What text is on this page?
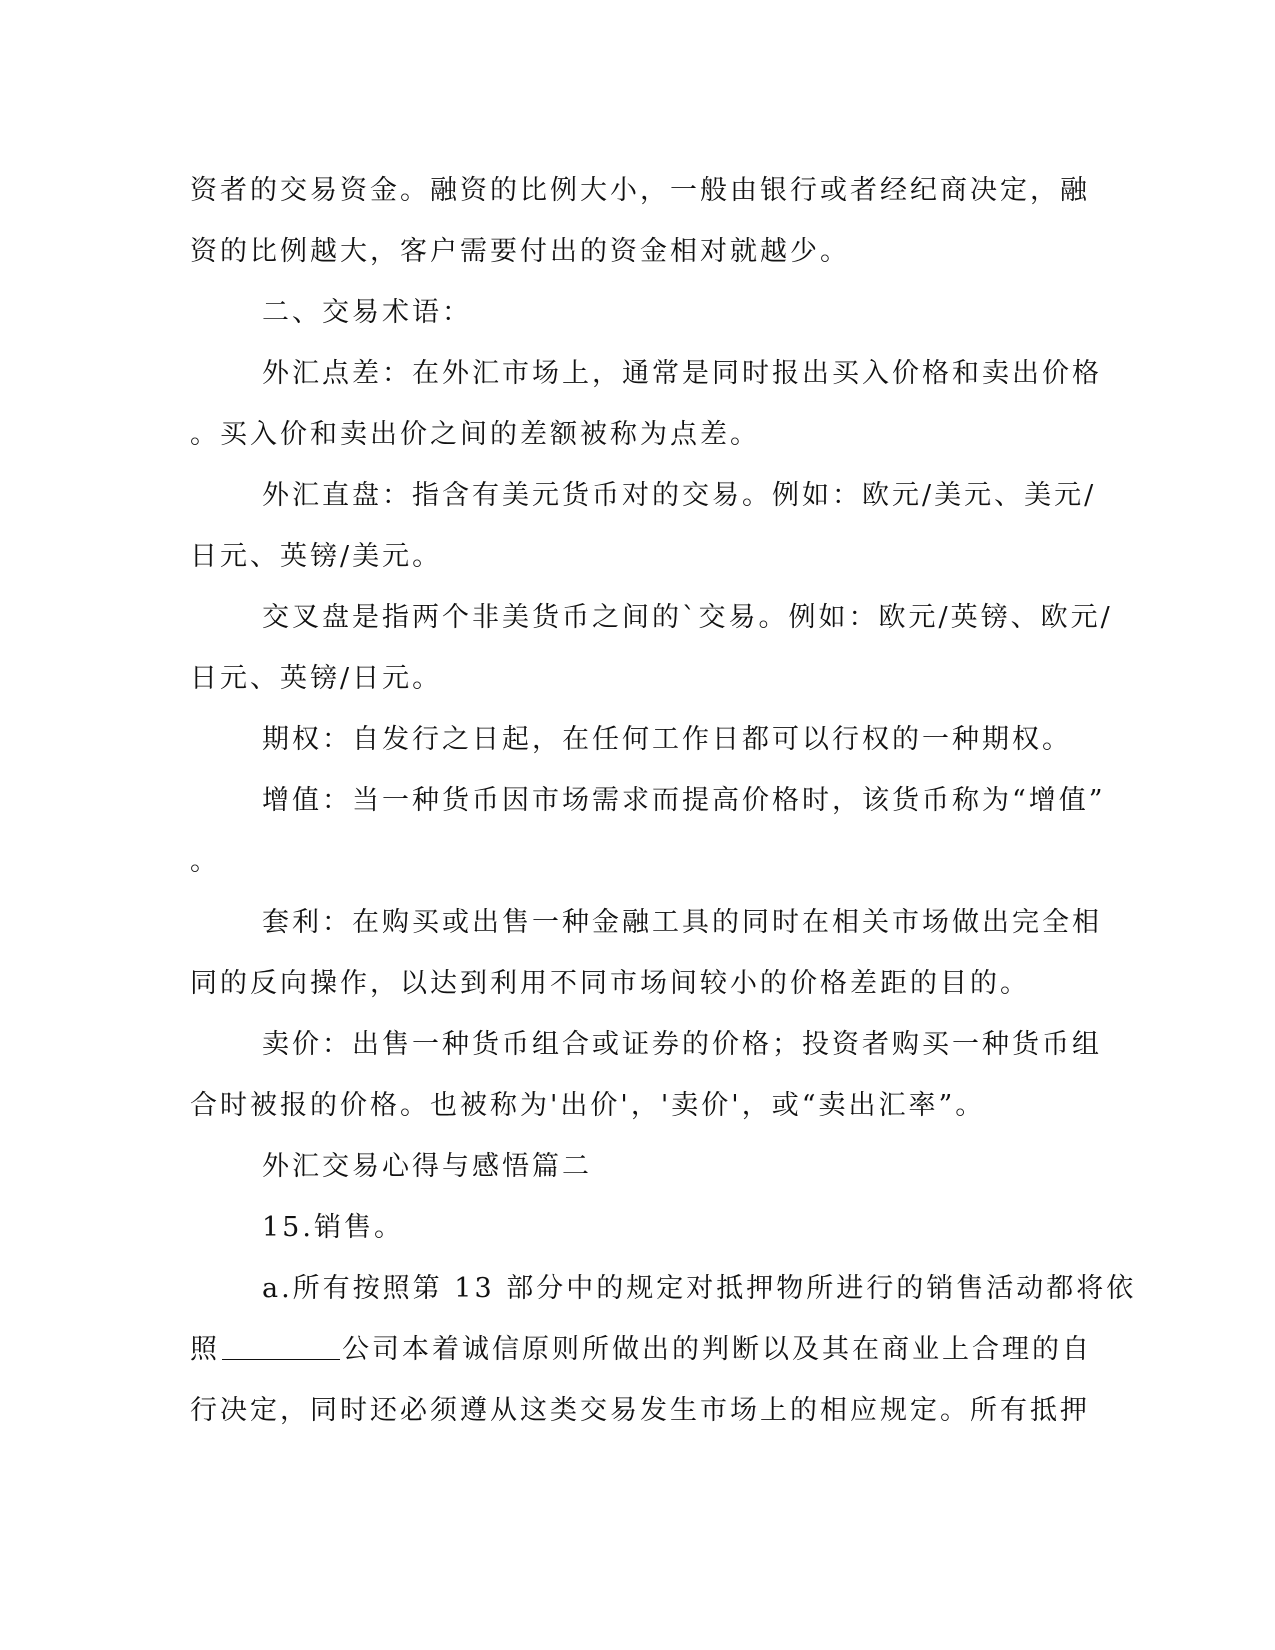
资者的交易资金。融资的比例大小，一般由银行或者经纪商决定，融
资的比例越大，客户需要付出的资金相对就越少。
二、交易术语：
外汇点差：在外汇市场上，通常是同时报出买入价格和卖出价格
。买入价和卖出价之间的差额被称为点差。
外汇直盘：指含有美元货币对的交易。例如：欧元/美元、美元/
日元、英镑/美元。
交叉盘是指两个非美货币之间的`交易。例如：欧元/英镑、欧元/
日元、英镑/日元。
期权：自发行之日起，在任何工作日都可以行权的一种期权。
增值：当一种货币因市场需求而提高价格时，该货币称为“增值”
。
套利：在购买或出售一种金融工具的同时在相关市场做出完全相
同的反向操作，以达到利用不同市场间较小的价格差距的目的。
卖价：出售一种货币组合或证券的价格；投资者购买一种货币组
合时被报的价格。也被称为'出价'，'卖价'，或“卖出汇率”。
外汇交易心得与感悟篇二
15.销售。
a.所有按照第 13 部分中的规定对抵押物所进行的销售活动都将依
照	公司本着诚信原则所做出的判断以及其在商业上合理的自
行决定，同时还必须遵从这类交易发生市场上的相应规定。所有抵押
